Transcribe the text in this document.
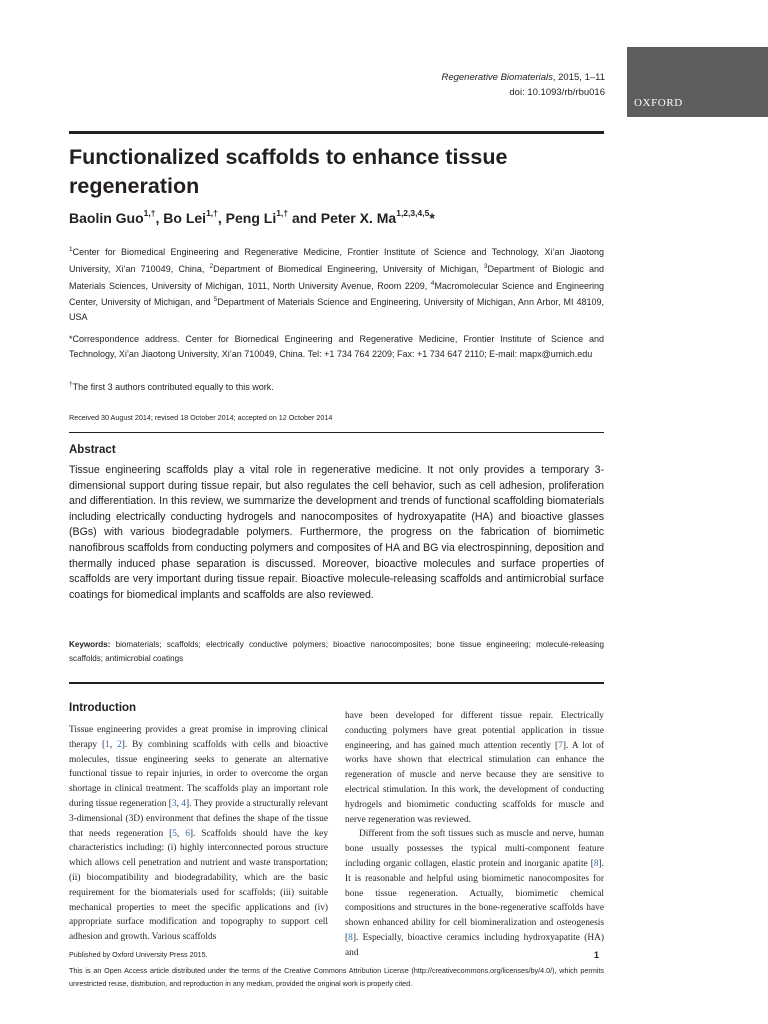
Regenerative Biomaterials, 2015, 1–11
doi: 10.1093/rb/rbu016
OXFORD
Functionalized scaffolds to enhance tissue regeneration
Baolin Guo$^{1,\dagger}$, Bo Lei$^{1,\dagger}$, Peng $Li^{1,\dagger}$ and Peter X. Ma$^{1,2,3,4,5}$*
$^1$Center for Biomedical Engineering and Regenerative Medicine, Frontier Institute of Science and Technology, Xi’an Jiaotong University, Xi’an 710049, China, $^2$Department of Biomedical Engineering, University of Michigan, $^3$Department of Biologic and Materials Sciences, University of Michigan, 1011, North University Avenue, Room 2209, $^4$Macromolecular Science and Engineering Center, University of Michigan, and $^5$Department of Materials Science and Engineering, University of Michigan, Ann Arbor, MI 48109, USA
*Correspondence address. Center for Biomedical Engineering and Regenerative Medicine, Frontier Institute of Science and Technology, Xi’an Jiaotong University, Xi’an 710049, China. Tel: +1 734 764 2209; Fax: +1 734 647 2110; E-mail: mapx@umich.edu
†The first 3 authors contributed equally to this work.
Received 30 August 2014; revised 18 October 2014; accepted on 12 October 2014
Abstract

Tissue engineering scaffolds play a vital role in regenerative medicine. It not only provides a temporary 3-dimensional support during tissue repair, but also regulates the cell behavior, such as cell adhesion, proliferation and differentiation. In this review, we summarize the development and trends of functional scaffolding biomaterials including electrically conducting hydrogels and nanocomposites of hydroxyapatite (HA) and bioactive glasses (BGs) with various biodegradable polymers. Furthermore, the progress on the fabrication of biomimetic nanofibrous scaffolds from conducting polymers and composites of HA and BG via electrospinning, deposition and thermally induced phase separation is discussed. Moreover, bioactive molecules and surface properties of scaffolds are very important during tissue repair. Bioactive molecule-releasing scaffolds and antimicrobial surface coatings for biomedical implants and scaffolds are also reviewed.

Keywords: biomaterials; scaffolds; electrically conductive polymers; bioactive nanocomposites; bone tissue engineering; molecule-releasing scaffolds; antimicrobial coatings

Introduction

Tissue engineering provides a great promise in improving clinical therapy [1, 2]. By combining scaffolds with cells and bioactive molecules, tissue engineering seeks to generate an alternative functional tissue to repair injuries, in order to overcome the organ shortage in clinical treatment. The scaffolds play an important role during tissue regeneration [3, 4]. They provide a structurally relevant 3-dimensional (3D) environment that defines the shape of the tissue that needs regeneration [5, 6]. Scaffolds should have the key characteristics including: (i) highly interconnected porous structure which allows cell penetration and nutrient and waste transportation; (ii) biocompatibility and biodegradability, which are the basic requirement for the biomaterials used for scaffolds; (iii) suitable mechanical properties to meet the specific applications and (iv) appropriate surface modification and topography to support cell adhesion and growth. Various scaffolds

have been developed for different tissue repair. Electrically conducting polymers have great potential application in tissue engineering, and has gained much attention recently [7]. A lot of works have shown that electrical stimulation can enhance the regeneration of muscle and nerve because they are sensitive to electrical stimulation. In this work, the development of conducting hydrogels and biomimetic conducting scaffolds for muscle and nerve regeneration was reviewed.

Different from the soft tissues such as muscle and nerve, human bone usually possesses the typical multi-component feature including organic collagen, elastic protein and inorganic apatite [8]. It is reasonable and helpful using biomimetic nanocomposites for bone tissue regeneration. Actually, biomimetic chemical compositions and structures in the bone-regenerative scaffolds have shown enhanced ability for cell biomineralization and osteogenesis [8]. Especially, bioactive ceramics including hydroxyapatite (HA) and

Published by Oxford University Press 2015.	1

This is an Open Access article distributed under the terms of the Creative Commons Attribution License (http://creativecommons.org/licenses/by/4.0/), which permits unrestricted reuse, distribution, and reproduction in any medium, provided the original work is properly cited.
